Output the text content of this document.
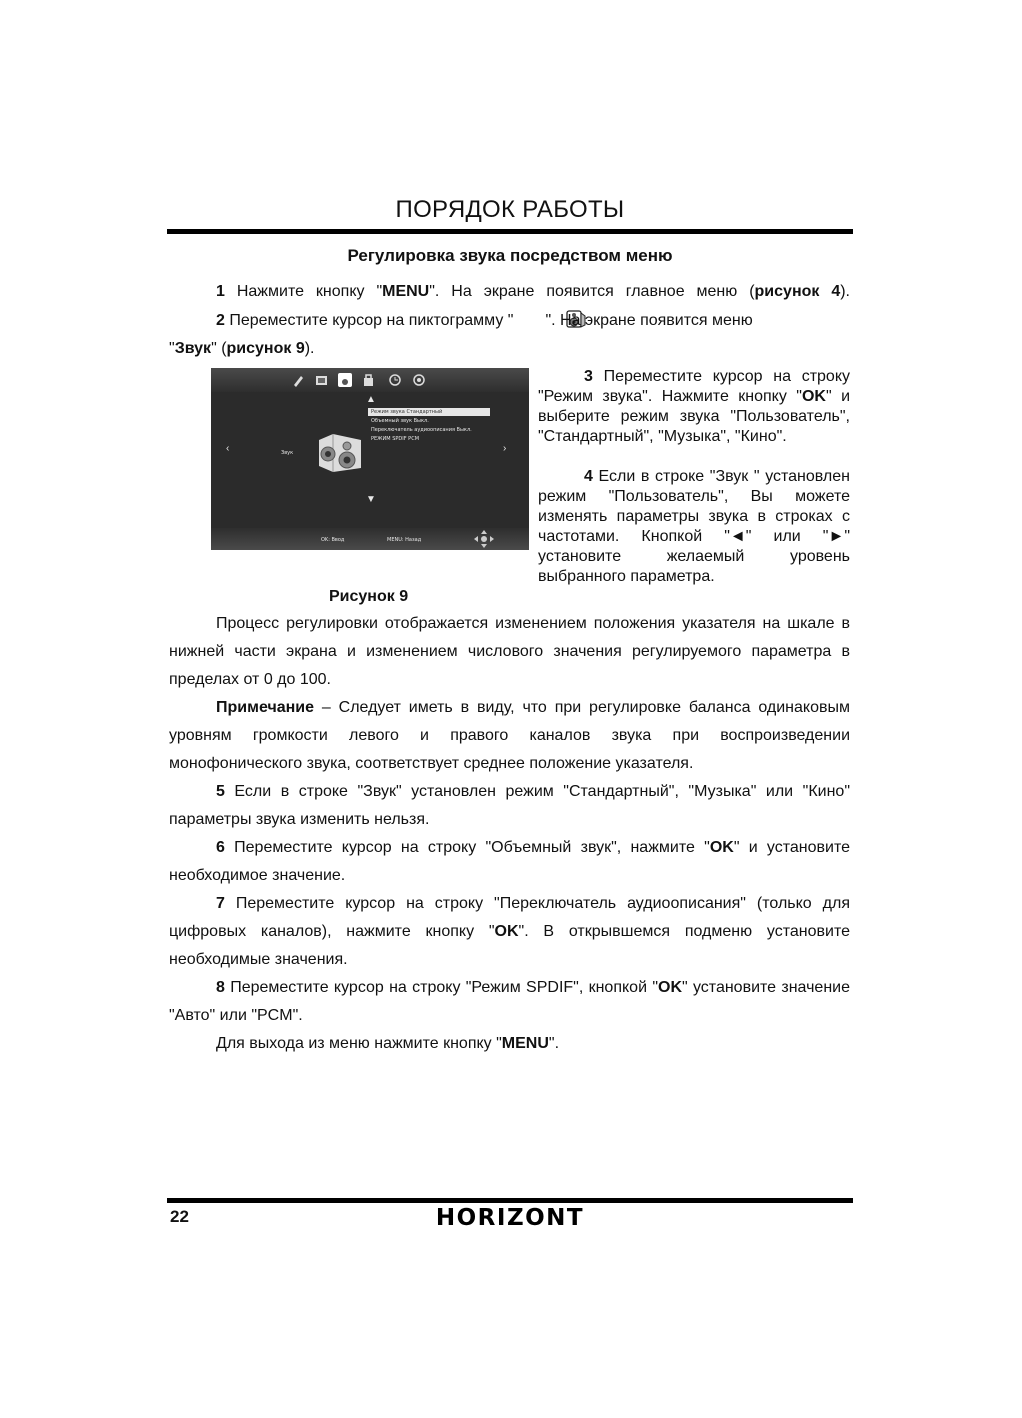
ПОРЯДОК РАБОТЫ
Регулировка звука посредством меню

1 Нажмите кнопку "MENU". На экране появится главное меню (рисунок 4).

2 Переместите курсор на пиктограмму " ". На экране появится меню
"Звук" (рисунок 9).

▲
Режим звука Стандартный
Объемный звук Выкл.
Переключатель аудиоописания Выкл.
РЕЖИМ SPDIF PCM
‹	›
Звук
▼
OK: Ввод	MENU: Назад

3 Переместите курсор на строку "Режим звука". Нажмите кнопку "OK" и выберите режим звука "Пользователь", "Стандартный", "Музыка", "Кино".

4 Если в строке "Звук " установлен режим "Пользователь", Вы можете изменять параметры звука в строках с частотами. Кнопкой "◄" или "►" установите желаемый уровень выбранного параметра.

Рисунок 9

Процесс регулировки отображается изменением положения указателя на шкале в нижней части экрана и изменением числового значения регулируемого параметра в пределах от 0 до 100.

Примечание – Следует иметь в виду, что при регулировке баланса одинаковым уровням громкости левого и правого каналов звука при воспроизведении монофонического звука, соответствует среднее положение указателя.

5 Если в строке "Звук" установлен режим "Стандартный", "Музыка" или "Кино" параметры звука изменить нельзя.

6 Переместите курсор на строку "Объемный звук", нажмите "OK" и установите необходимое значение.

7 Переместите курсор на строку "Переключатель аудиоописания" (только для цифровых каналов), нажмите кнопку "OK". В открывшемся подменю установите необходимые значения.

8 Переместите курсор на строку "Режим SPDIF", кнопкой "OK" установите значение "Авто" или "PCM".

Для выхода из меню нажмите кнопку "MENU".

22	HORIZONT
